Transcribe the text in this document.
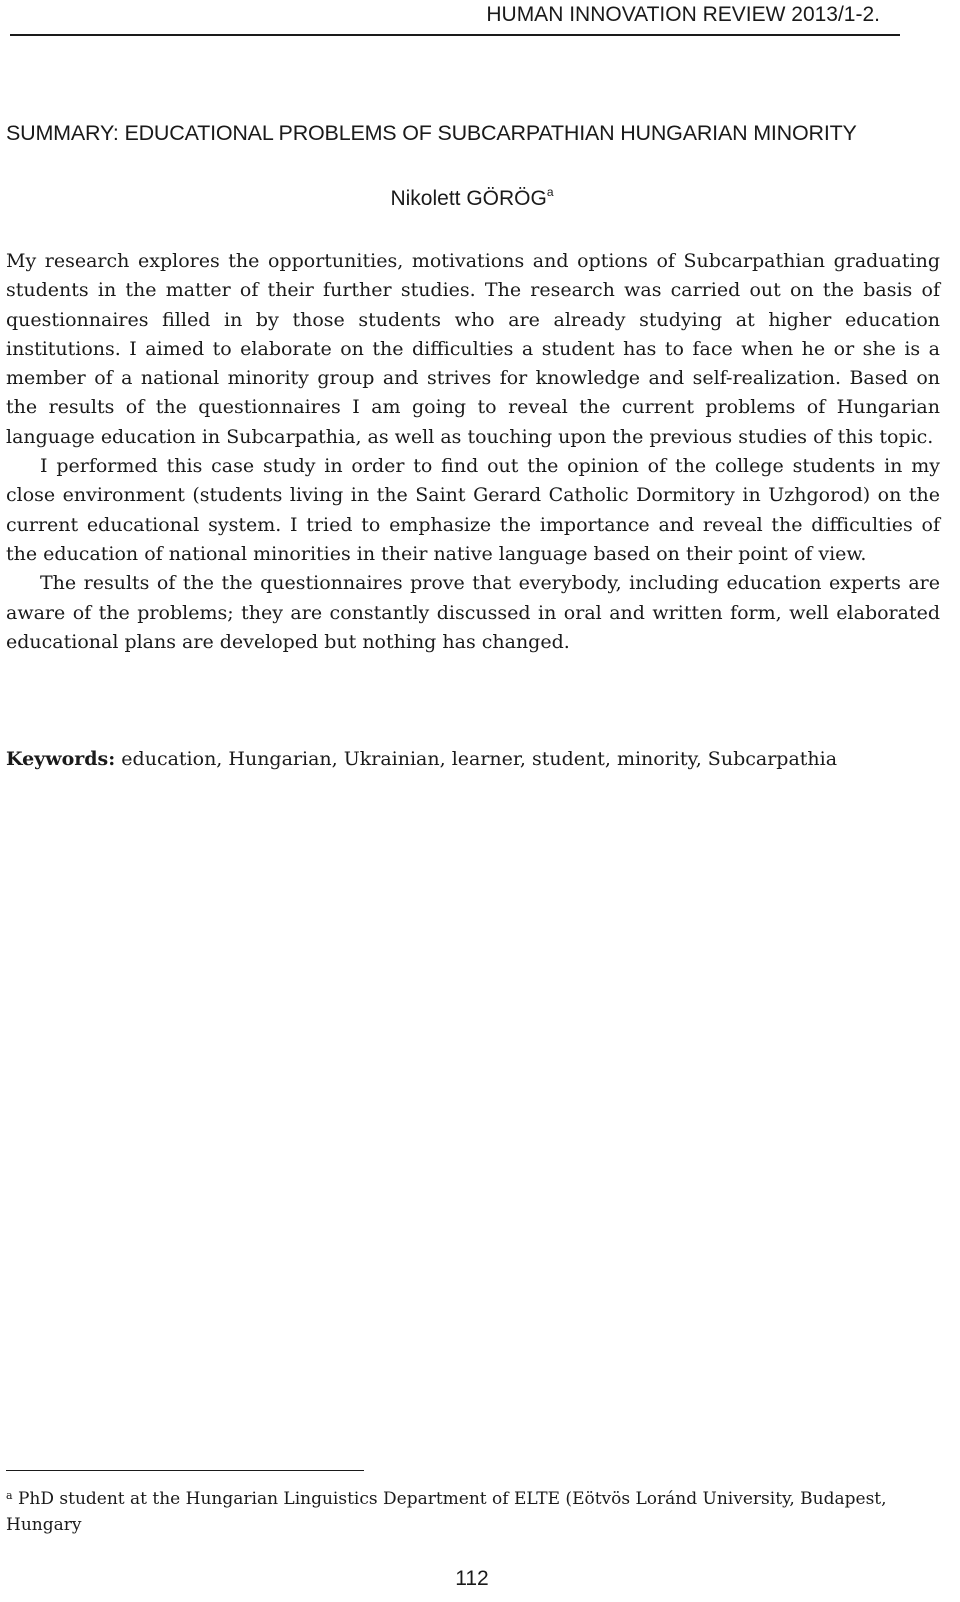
HUMAN INNOVATION REVIEW 2013/1-2.
SUMMARY: EDUCATIONAL PROBLEMS OF SUBCARPATHIAN HUNGARIAN MINORITY
Nikolett GÖRÖG$^a$

My research explores the opportunities, motivations and options of Subcarpathian graduating students in the matter of their further studies. The research was carried out on the basis of questionnaires filled in by those students who are already studying at higher education institutions. I aimed to elaborate on the difficulties a student has to face when he or she is a member of a national minority group and strives for knowledge and self-realization. Based on the results of the questionnaires I am going to reveal the current problems of Hungarian language education in Subcarpathia, as well as touching upon the previous studies of this topic.

I performed this case study in order to find out the opinion of the college students in my close environment (students living in the Saint Gerard Catholic Dormitory in Uzhgorod) on the current educational system. I tried to emphasize the importance and reveal the difficulties of the education of national minorities in their native language based on their point of view.

The results of the the questionnaires prove that everybody, including education experts are aware of the problems; they are constantly discussed in oral and written form, well elaborated educational plans are developed but nothing has changed.

Keywords: education, Hungarian, Ukrainian, learner, student, minority, Subcarpathia
$^a$ PhD student at the Hungarian Linguistics Department of ELTE (Eötvös Loránd University, Budapest, Hungary
112
